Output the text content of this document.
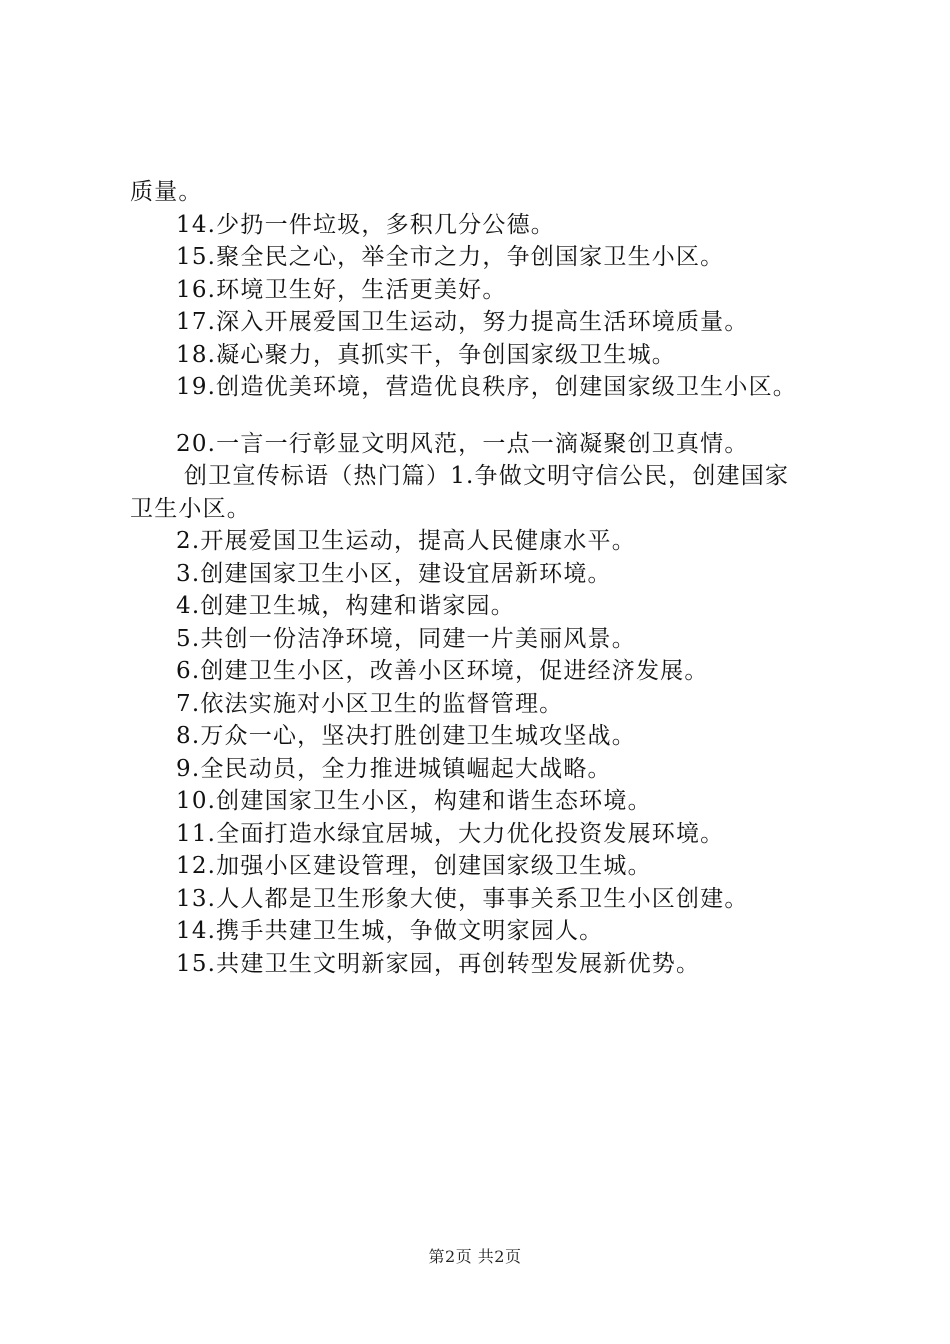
质量。
14.少扔一件垃圾，多积几分公德。
15.聚全民之心，举全市之力，争创国家卫生小区。
16.环境卫生好，生活更美好。
17.深入开展爱国卫生运动，努力提高生活环境质量。
18.凝心聚力，真抓实干，争创国家级卫生城。
19.创造优美环境，营造优良秩序，创建国家级卫生小区。
20.一言一行彰显文明风范，一点一滴凝聚创卫真情。
创卫宣传标语（热门篇）1.争做文明守信公民，创建国家
卫生小区。
2.开展爱国卫生运动，提高人民健康水平。
3.创建国家卫生小区，建设宜居新环境。
4.创建卫生城，构建和谐家园。
5.共创一份洁净环境，同建一片美丽风景。
6.创建卫生小区，改善小区环境，促进经济发展。
7.依法实施对小区卫生的监督管理。
8.万众一心，坚决打胜创建卫生城攻坚战。
9.全民动员，全力推进城镇崛起大战略。
10.创建国家卫生小区，构建和谐生态环境。
11.全面打造水绿宜居城，大力优化投资发展环境。
12.加强小区建设管理，创建国家级卫生城。
13.人人都是卫生形象大使，事事关系卫生小区创建。
14.携手共建卫生城，争做文明家园人。
15.共建卫生文明新家园，再创转型发展新优势。
第2页 共2页
